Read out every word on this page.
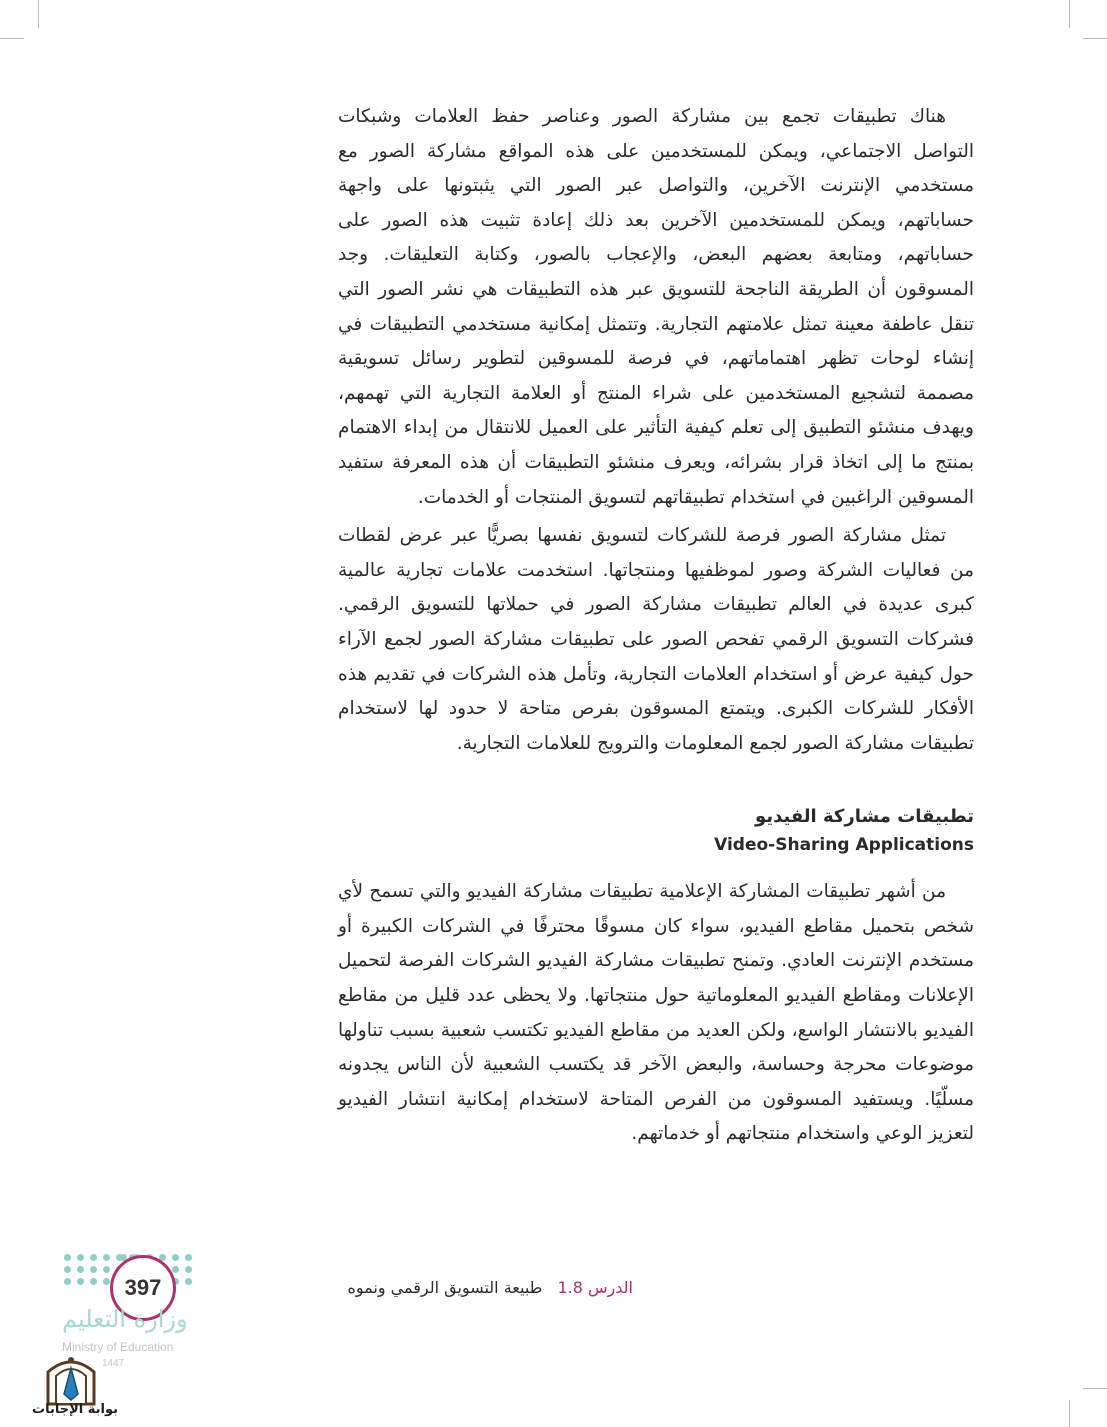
هناك تطبيقات تجمع بين مشاركة الصور وعناصر حفظ العلامات وشبكات التواصل الاجتماعي، ويمكن للمستخدمين على هذه المواقع مشاركة الصور مع مستخدمي الإنترنت الآخرين، والتواصل عبر الصور التي يثبتونها على واجهة حساباتهم، ويمكن للمستخدمين الآخرين بعد ذلك إعادة تثبيت هذه الصور على حساباتهم، ومتابعة بعضهم البعض، والإعجاب بالصور، وكتابة التعليقات. وجد المسوقون أن الطريقة الناجحة للتسويق عبر هذه التطبيقات هي نشر الصور التي تنقل عاطفة معينة تمثل علامتهم التجارية. وتتمثل إمكانية مستخدمي التطبيقات في إنشاء لوحات تظهر اهتماماتهم، في فرصة للمسوقين لتطوير رسائل تسويقية مصممة لتشجيع المستخدمين على شراء المنتج أو العلامة التجارية التي تهمهم، ويهدف منشئو التطبيق إلى تعلم كيفية التأثير على العميل للانتقال من إبداء الاهتمام بمنتج ما إلى اتخاذ قرار بشرائه، ويعرف منشئو التطبيقات أن هذه المعرفة ستفيد المسوقين الراغبين في استخدام تطبيقاتهم لتسويق المنتجات أو الخدمات.

تمثل مشاركة الصور فرصة للشركات لتسويق نفسها بصريًّا عبر عرض لقطات من فعاليات الشركة وصور لموظفيها ومنتجاتها. استخدمت علامات تجارية عالمية كبرى عديدة في العالم تطبيقات مشاركة الصور في حملاتها للتسويق الرقمي. فشركات التسويق الرقمي تفحص الصور على تطبيقات مشاركة الصور لجمع الآراء حول كيفية عرض أو استخدام العلامات التجارية، وتأمل هذه الشركات في تقديم هذه الأفكار للشركات الكبرى. ويتمتع المسوقون بفرص متاحة لا حدود لها لاستخدام تطبيقات مشاركة الصور لجمع المعلومات والترويج للعلامات التجارية.

تطبيقات مشاركة الفيديو
Video-Sharing Applications

من أشهر تطبيقات المشاركة الإعلامية تطبيقات مشاركة الفيديو والتي تسمح لأي شخص بتحميل مقاطع الفيديو، سواء كان مسوقًا محترفًا في الشركات الكبيرة أو مستخدم الإنترنت العادي. وتمنح تطبيقات مشاركة الفيديو الشركات الفرصة لتحميل الإعلانات ومقاطع الفيديو المعلوماتية حول منتجاتها. ولا يحظى عدد قليل من مقاطع الفيديو بالانتشار الواسع، ولكن العديد من مقاطع الفيديو تكتسب شعبية بسبب تناولها موضوعات محرجة وحساسة، والبعض الآخر قد يكتسب الشعبية لأن الناس يجدونه مسلّيًا. ويستفيد المسوقون من الفرص المتاحة لاستخدام إمكانية انتشار الفيديو لتعزيز الوعي واستخدام منتجاتهم أو خدماتهم.

الدرس 1.8 طبيعة التسويق الرقمي ونموه
397
وزارة التعليم
Ministry of Education
1447
بوابة الإجابات
